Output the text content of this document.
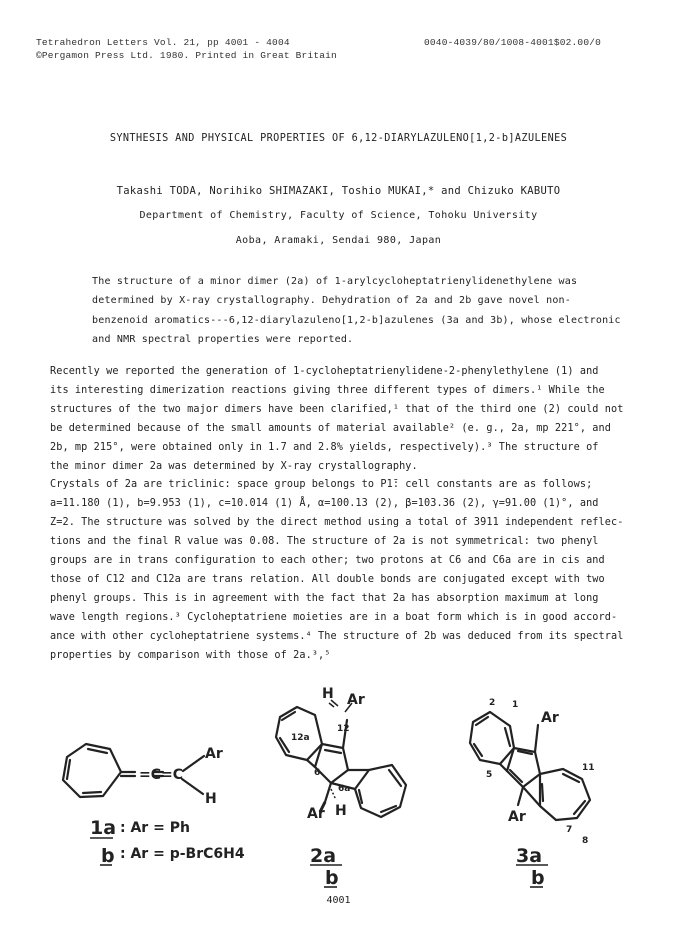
Tetrahedron Letters Vol. 21, pp 4001 - 4004
©Pergamon Press Ltd. 1980. Printed in Great Britain
0040-4039/80/1008-4001$02.00/0
SYNTHESIS AND PHYSICAL PROPERTIES OF 6,12-DIARYLAZULENO[1,2-b]AZULENES
Takashi TODA, Norihiko SHIMAZAKI, Toshio MUKAI,* and Chizuko KABUTO
Department of Chemistry, Faculty of Science, Tohoku University
Aoba, Aramaki, Sendai 980, Japan
The structure of a minor dimer (2a) of 1-arylcycloheptatrienylidenethylene was
determined by X-ray crystallography. Dehydration of 2a and 2b gave novel non-
benzenoid aromatics---6,12-diarylazuleno[1,2-b]azulenes (3a and 3b), whose electronic
and NMR spectral properties were reported.
Recently we reported the generation of 1-cycloheptatrienylidene-2-phenylethylene (1) and
its interesting dimerization reactions giving three different types of dimers.¹ While the
structures of the two major dimers have been clarified,¹ that of the third one (2) could not
be determined because of the small amounts of material available² (e. g., 2a, mp 221°, and
2b, mp 215°, were obtained only in 1.7 and 2.8% yields, respectively).³ The structure of
the minor dimer 2a was determined by X-ray crystallography.
Crystals of 2a are triclinic: space group belongs to P1̄: cell constants are as follows;
a=11.180 (1), b=9.953 (1), c=10.014 (1) Å, α=100.13 (2), β=103.36 (2), γ=91.00 (1)°, and
Z=2. The structure was solved by the direct method using a total of 3911 independent reflec-
tions and the final R value was 0.08. The structure of 2a is not symmetrical: two phenyl
groups are in trans configuration to each other; two protons at C6 and C6a are in cis and
those of C12 and C12a are trans relation. All double bonds are conjugated except with two
phenyl groups. This is in agreement with the fact that 2a has absorption maximum at long
wave length regions.³ Cycloheptatriene moieties are in a boat form which is in good accord-
ance with other cycloheptatriene systems.⁴ The structure of 2b was deduced from its spectral
properties by comparison with those of 2a.³,⁵
=C=C
Ar
H
1a : Ar = Ph
b : Ar = p-BrC6H4
H Ar
12a
12
6
6a
Ar H
2a
b
2 1
Ar
11
5
Ar
7
8
3a
b
4001
